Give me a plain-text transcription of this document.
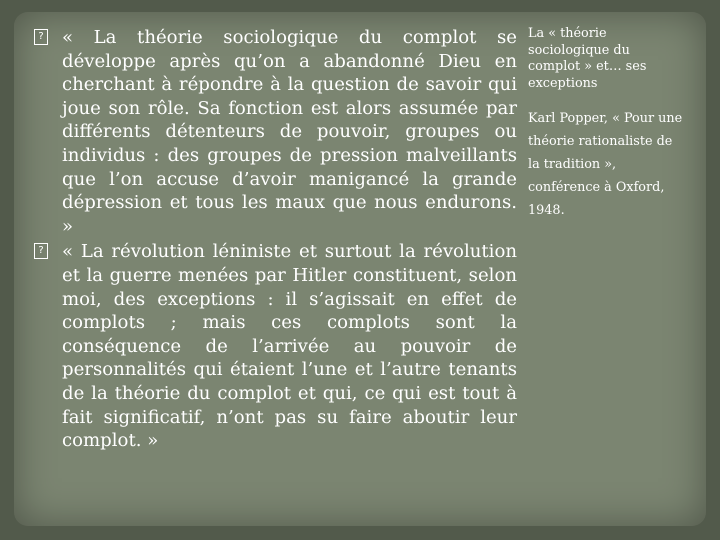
? « La théorie sociologique du complot se développe après qu’on a abandonné Dieu en cherchant à répondre à la question de savoir qui joue son rôle. Sa fonction est alors assumée par différents détenteurs de pouvoir, groupes ou individus : des groupes de pression malveillants que l’on accuse d’avoir manigancé la grande dépression et tous les maux que nous endurons. »

? « La révolution léniniste et surtout la révolution et la guerre menées par Hitler constituent, selon moi, des exceptions : il s’agissait en effet de complots ; mais ces complots sont la conséquence de l’arrivée au pouvoir de personnalités qui étaient l’une et l’autre tenants de la théorie du complot et qui, ce qui est tout à fait significatif, n’ont pas su faire aboutir leur complot. »

La « théorie sociologique du complot » et… ses exceptions

Karl Popper, « Pour une théorie rationaliste de la tradition », conférence à Oxford, 1948.
